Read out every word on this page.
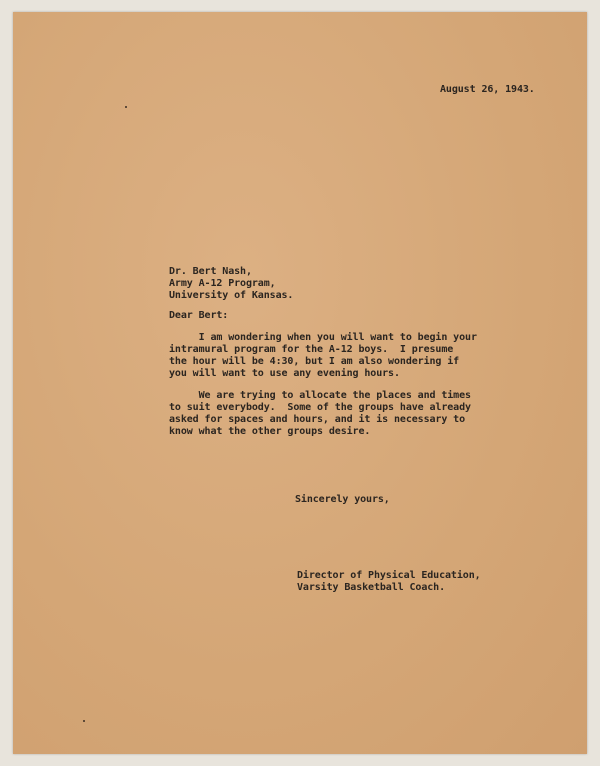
August 26, 1943.
Dr. Bert Nash,
Army A-12 Program,
University of Kansas.
Dear Bert:
I am wondering when you will want to begin your
intramural program for the A-12 boys.  I presume
the hour will be 4:30, but I am also wondering if
you will want to use any evening hours.
We are trying to allocate the places and times
to suit everybody.  Some of the groups have already
asked for spaces and hours, and it is necessary to
know what the other groups desire.
Sincerely yours,
Director of Physical Education,
Varsity Basketball Coach.
